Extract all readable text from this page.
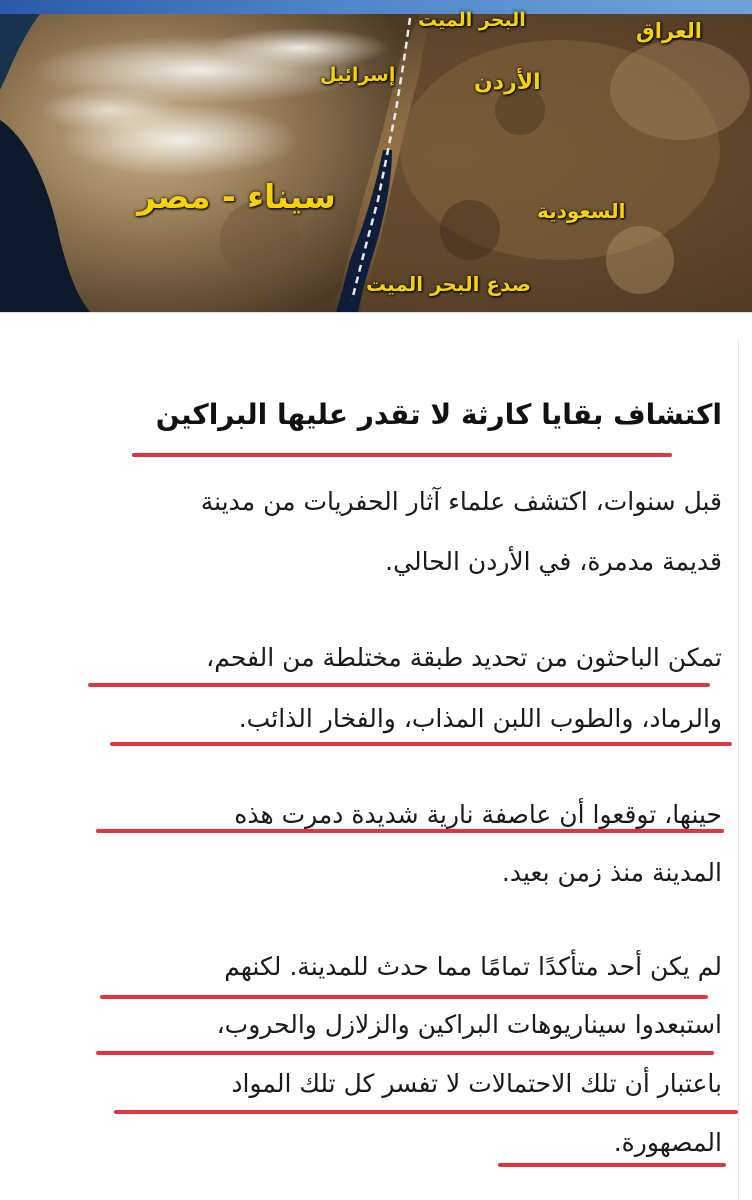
العراق
البحر الميت
إسرائيل	الأردن
السعودية
سيناء - مصر
صدع البحر الميت
اكتشاف بقايا كارثة لا تقدر عليها البراكين
قبل سنوات، اكتشف علماء آثار الحفريات من مدينة
قديمة مدمرة، في الأردن الحالي.
تمكن الباحثون من تحديد طبقة مختلطة من الفحم،
والرماد، والطوب اللبن المذاب، والفخار الذائب.
حينها، توقعوا أن عاصفة نارية شديدة دمرت هذه
المدينة منذ زمن بعيد.
لم يكن أحد متأكدًا تمامًا مما حدث للمدينة. لكنهم
استبعدوا سيناريوهات البراكين والزلازل والحروب،
باعتبار أن تلك الاحتمالات لا تفسر كل تلك المواد
المصهورة.
